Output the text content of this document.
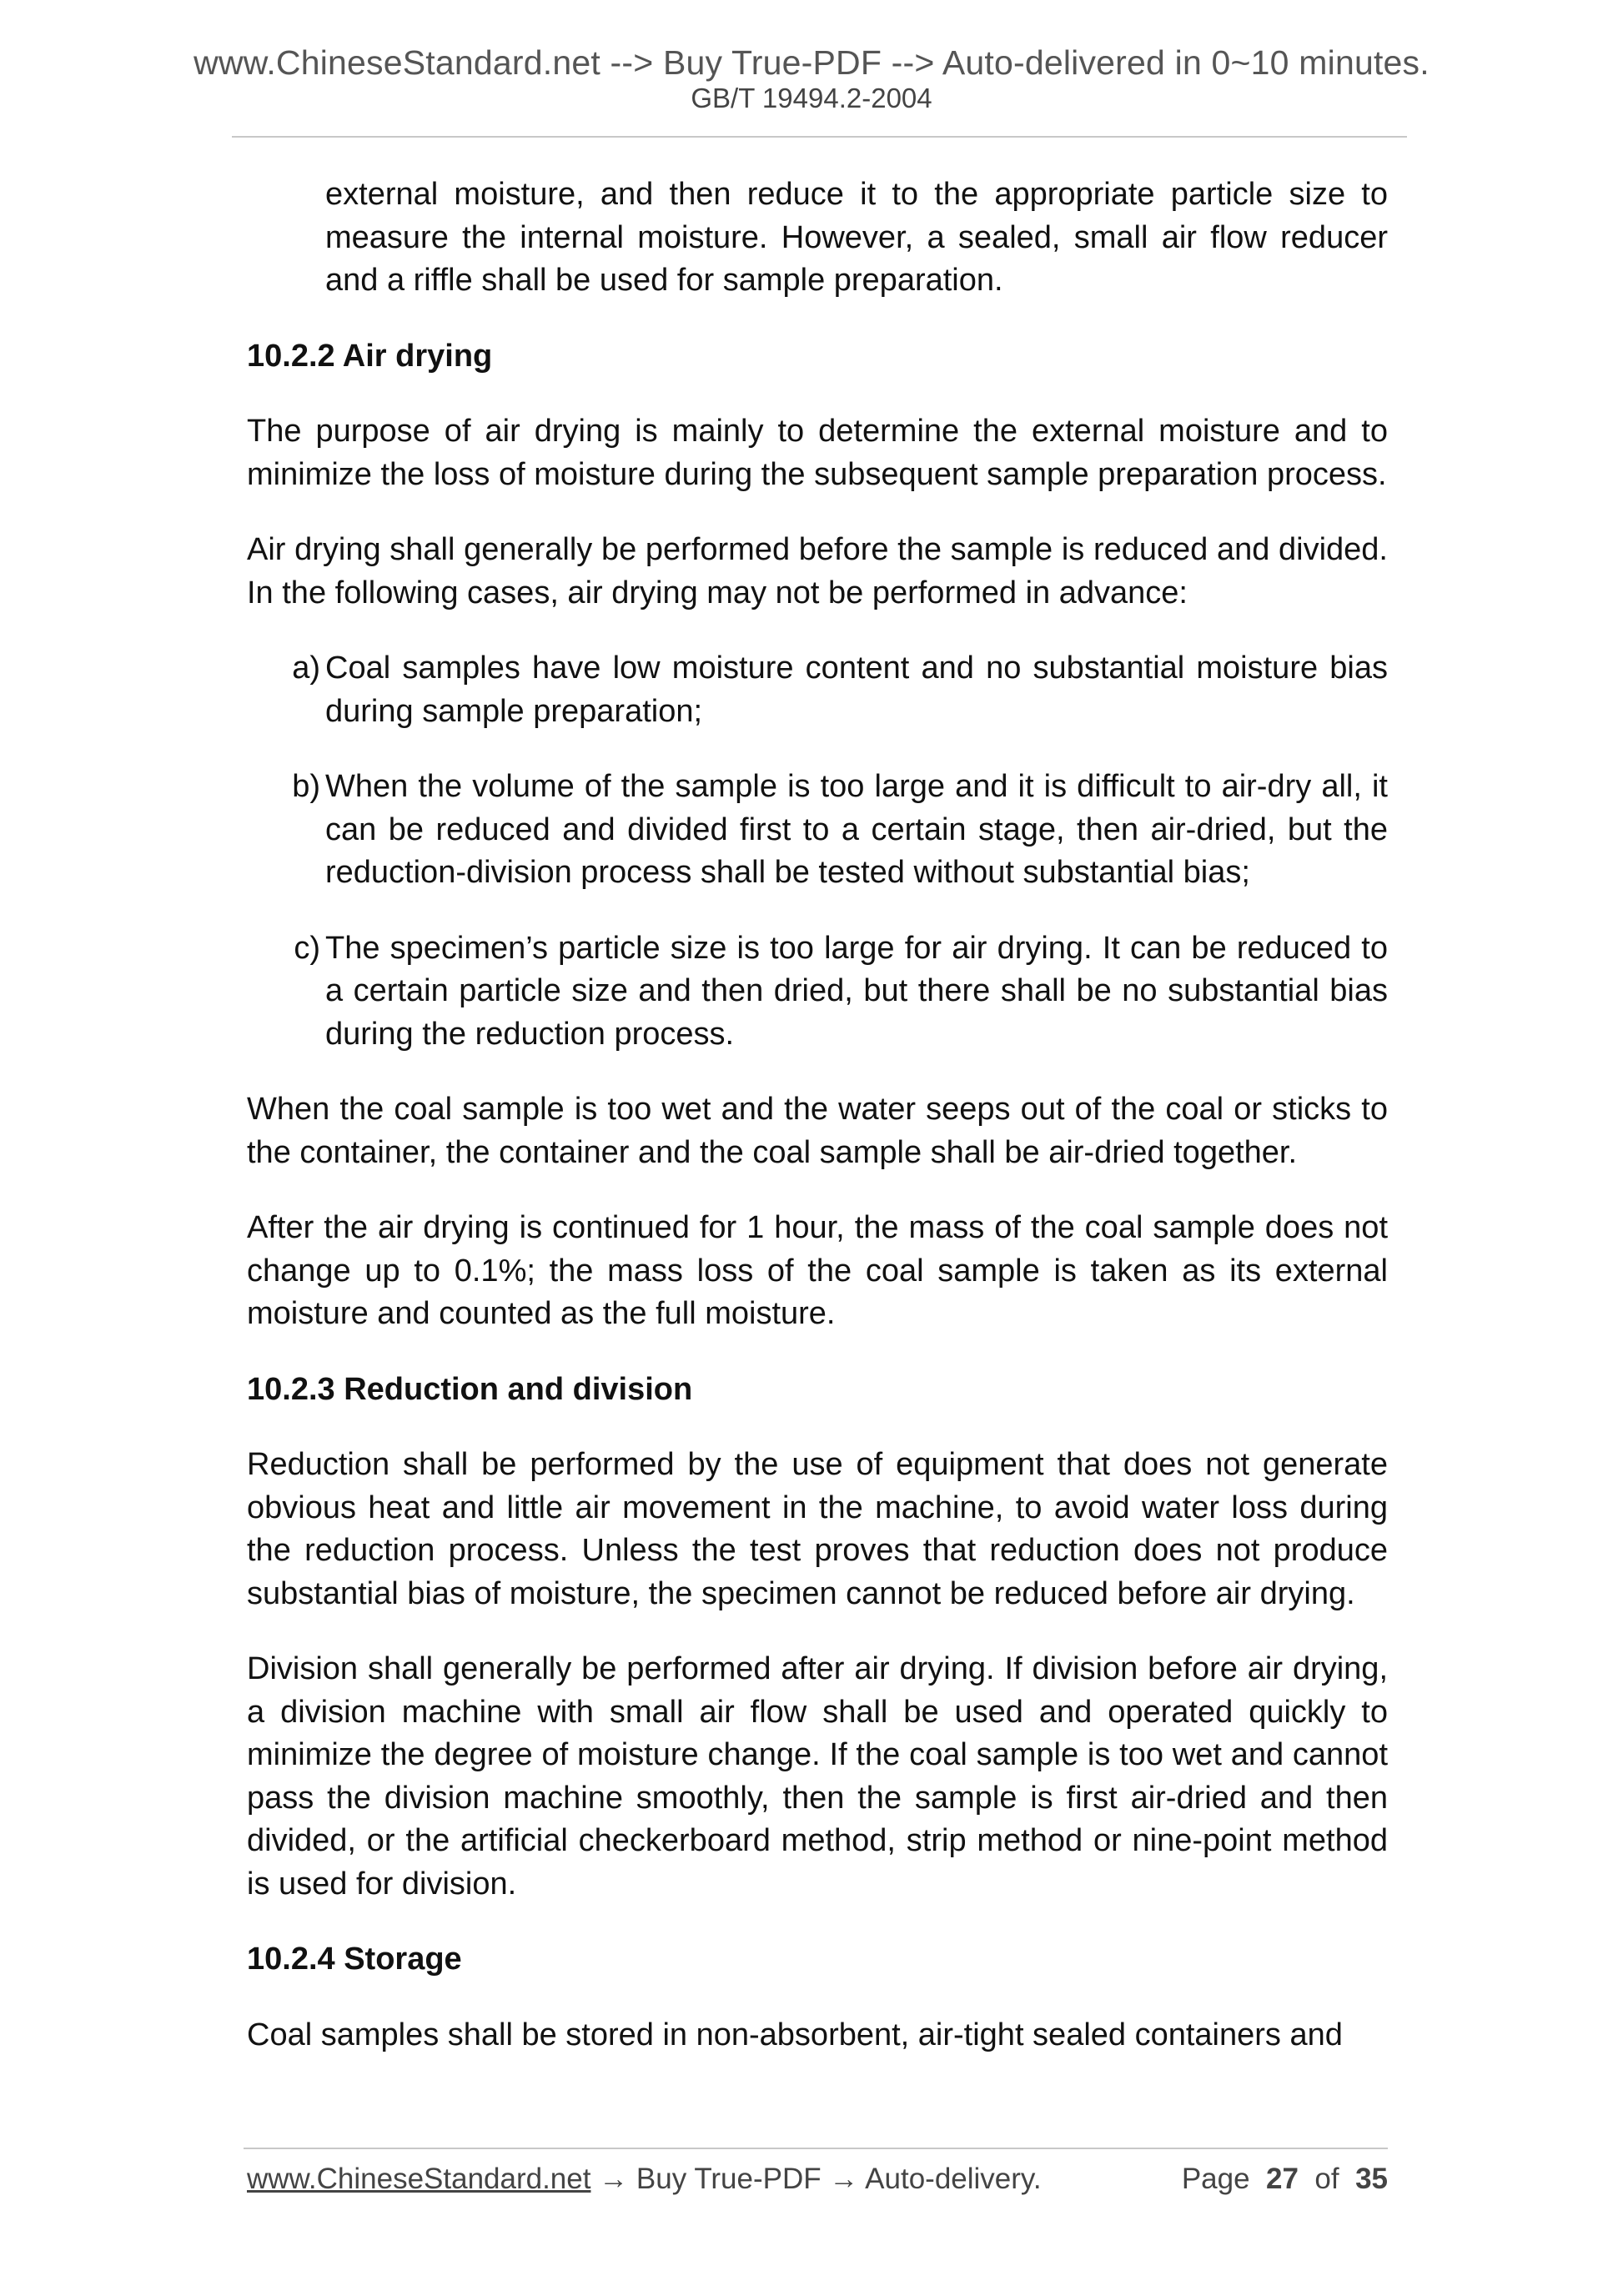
www.ChineseStandard.net --> Buy True-PDF --> Auto-delivered in 0~10 minutes.
GB/T 19494.2-2004

external moisture, and then reduce it to the appropriate particle size to measure the internal moisture. However, a sealed, small air flow reducer and a riffle shall be used for sample preparation.

10.2.2 Air drying

The purpose of air drying is mainly to determine the external moisture and to minimize the loss of moisture during the subsequent sample preparation process.

Air drying shall generally be performed before the sample is reduced and divided. In the following cases, air drying may not be performed in advance:

a) Coal samples have low moisture content and no substantial moisture bias during sample preparation;
b) When the volume of the sample is too large and it is difficult to air-dry all, it can be reduced and divided first to a certain stage, then air-dried, but the reduction-division process shall be tested without substantial bias;
c) The specimen’s particle size is too large for air drying. It can be reduced to a certain particle size and then dried, but there shall be no substantial bias during the reduction process.

When the coal sample is too wet and the water seeps out of the coal or sticks to the container, the container and the coal sample shall be air-dried together.

After the air drying is continued for 1 hour, the mass of the coal sample does not change up to 0.1%; the mass loss of the coal sample is taken as its external moisture and counted as the full moisture.

10.2.3 Reduction and division

Reduction shall be performed by the use of equipment that does not generate obvious heat and little air movement in the machine, to avoid water loss during the reduction process. Unless the test proves that reduction does not produce substantial bias of moisture, the specimen cannot be reduced before air drying.

Division shall generally be performed after air drying. If division before air drying, a division machine with small air flow shall be used and operated quickly to minimize the degree of moisture change. If the coal sample is too wet and cannot pass the division machine smoothly, then the sample is first air-dried and then divided, or the artificial checkerboard method, strip method or nine-point method is used for division.

10.2.4 Storage

Coal samples shall be stored in non-absorbent, air-tight sealed containers and

www.ChineseStandard.net → Buy True-PDF → Auto-delivery.	Page 27 of 35
